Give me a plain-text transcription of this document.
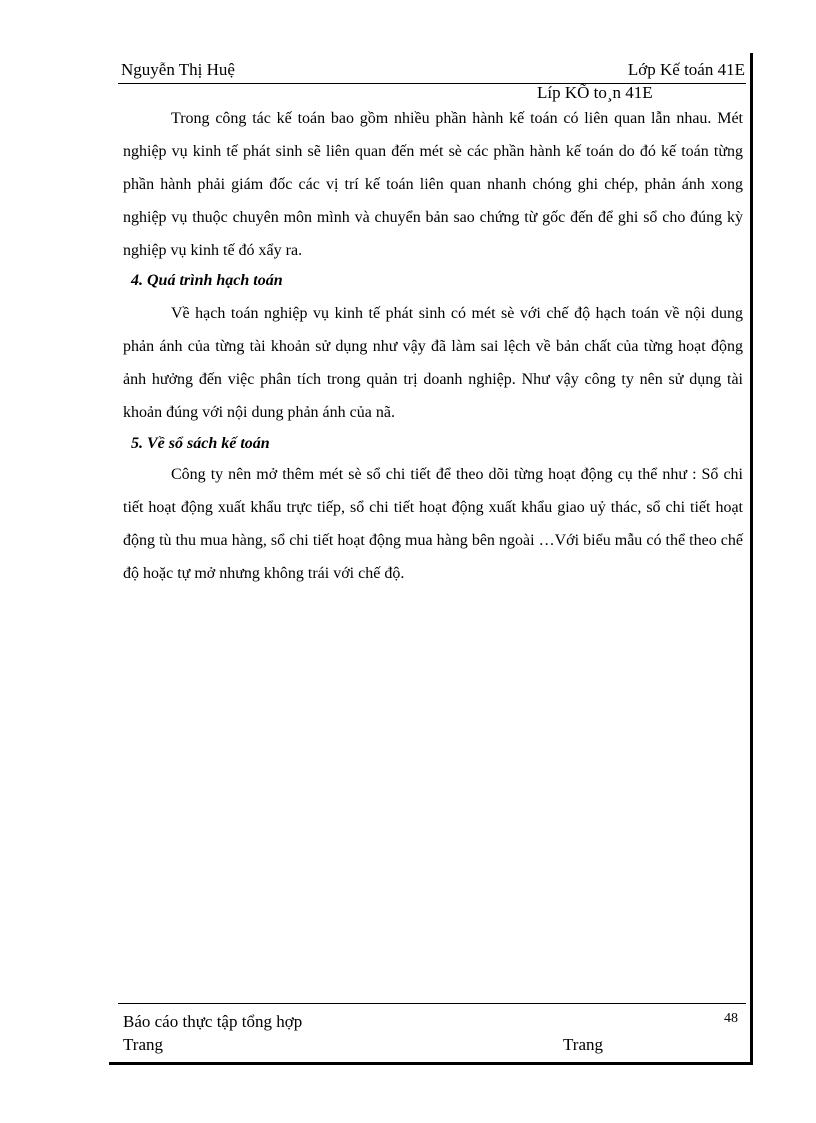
Nguyễn Thị Huệ	Lớp Kế toán 41E
Líp KÕ to¸n 41E

Trong công tác kế toán bao gồm nhiều phần hành kế toán có liên quan lẫn nhau. Mét nghiệp vụ kinh tế phát sinh sẽ liên quan đến mét sè các phần hành kế toán do đó kế toán từng phần hành phải giám đốc các vị trí kế toán liên quan nhanh chóng ghi chép, phản ánh xong nghiệp vụ thuộc chuyên môn mình và chuyển bản sao chứng từ gốc đến để ghi sổ cho đúng kỳ nghiệp vụ kinh tế đó xẩy ra.

4. Quá trình hạch toán

Về hạch toán nghiệp vụ kinh tế phát sinh có mét sè với chế độ hạch toán về nội dung phản ánh của từng tài khoản sử dụng như vậy đã làm sai lệch về bản chất của từng hoạt động ảnh hưởng đến việc phân tích trong quản trị doanh nghiệp. Như vậy công ty nên sử dụng tài khoản đúng với nội dung phản ánh của nã.

5. Về sổ sách kế toán

Công ty nên mở thêm mét sè sổ chi tiết để theo dõi từng hoạt động cụ thể như : Sổ chi tiết hoạt động xuất khẩu trực tiếp, sổ chi tiết hoạt động xuất khẩu giao uỷ thác, sổ chi tiết hoạt động tù thu mua hàng, sổ chi tiết hoạt động mua hàng bên ngoài …Với biểu mẫu có thể theo chế độ hoặc tự mở nhưng không trái với chế độ.

Báo cáo thực tập tổng hợp	48
Trang	Trang
